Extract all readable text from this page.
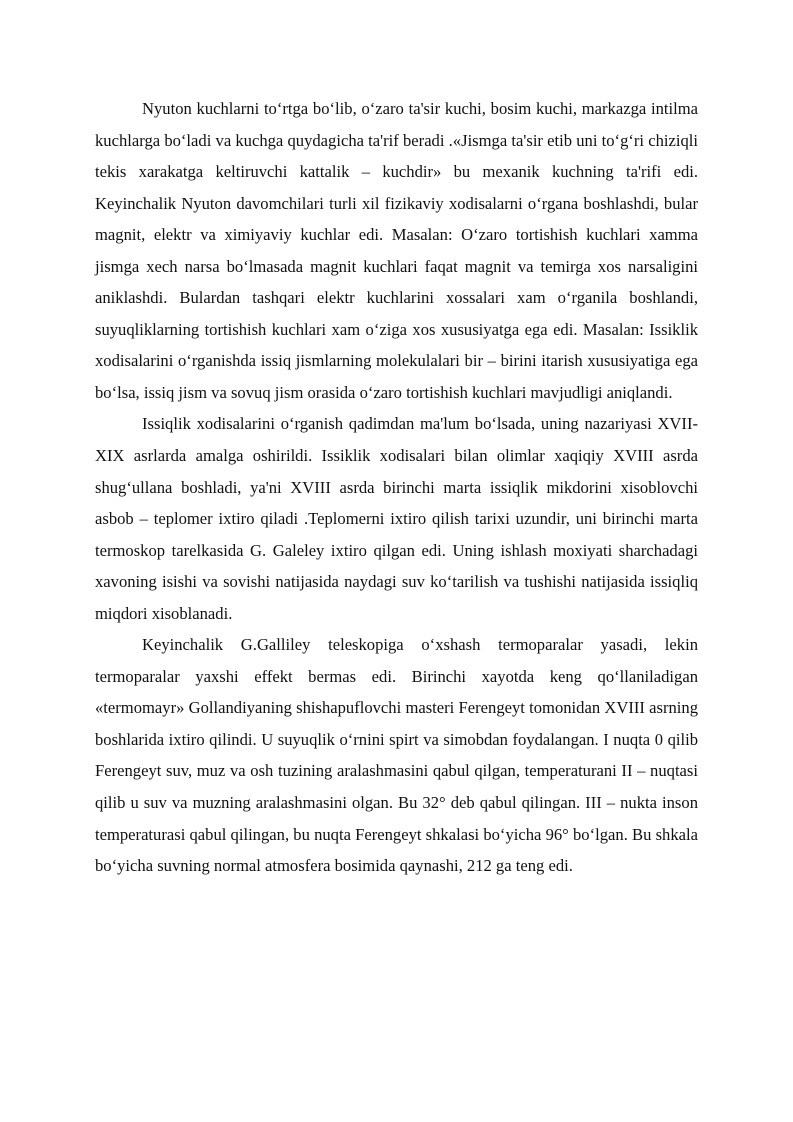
Nyuton kuchlarni to‘rtga bo‘lib, o‘zaro ta'sir kuchi, bosim kuchi, markazga intilma kuchlarga bo‘ladi va kuchga quydagicha ta'rif beradi .«Jismga ta'sir etib uni to‘g‘ri chiziqli tekis xarakatga keltiruvchi kattalik – kuchdir» bu mexanik kuchning ta'rifi edi. Keyinchalik Nyuton davomchilari turli xil fizikaviy xodisalarni o‘rgana boshlashdi, bular magnit, elektr va ximiyaviy kuchlar edi. Masalan: O‘zaro tortishish kuchlari xamma jismga xech narsa bo‘lmasada magnit kuchlari faqat magnit va temirga xos narsaligini aniklashdi. Bulardan tashqari elektr kuchlarini xossalari xam o‘rganila boshlandi, suyuqliklarning tortishish kuchlari xam o‘ziga xos xususiyatga ega edi. Masalan: Issiklik xodisalarini o‘rganishda issiq jismlarning molekulalari bir – birini itarish xususiyatiga ega bo‘lsa, issiq jism va sovuq jism orasida o‘zaro tortishish kuchlari mavjudligi aniqlandi.

Issiqlik xodisalarini o‘rganish qadimdan ma'lum bo‘lsada, uning nazariyasi XVII-XIX asrlarda amalga oshirildi. Issiklik xodisalari bilan olimlar xaqiqiy XVIII asrda shug‘ullana boshladi, ya'ni XVIII asrda birinchi marta issiqlik mikdorini xisoblovchi asbob – teplomer ixtiro qiladi .Teplomerni ixtiro qilish tarixi uzundir, uni birinchi marta termoskop tarelkasida G. Galeley ixtiro qilgan edi. Uning ishlash moxiyati sharchadagi xavoning isishi va sovishi natijasida naydagi suv ko‘tarilish va tushishi natijasida issiqliq miqdori xisoblanadi.

Keyinchalik G.Galliley teleskopiga o‘xshash termoparalar yasadi, lekin termoparalar yaxshi effekt bermas edi. Birinchi xayotda keng qo‘llaniladigan «termomayr» Gollandiyaning shishapuflovchi masteri Ferengeyt tomonidan XVIII asrning boshlarida ixtiro qilindi. U suyuqlik o‘rnini spirt va simobdan foydalangan. I nuqta 0 qilib Ferengeyt suv, muz va osh tuzining aralashmasini qabul qilgan, temperaturani II – nuqtasi qilib u suv va muzning aralashmasini olgan. Bu 32° deb qabul qilingan. III – nukta inson temperaturasi qabul qilingan, bu nuqta Ferengeyt shkalasi bo‘yicha 96° bo‘lgan. Bu shkala bo‘yicha suvning normal atmosfera bosimida qaynashi, 212 ga teng edi.
